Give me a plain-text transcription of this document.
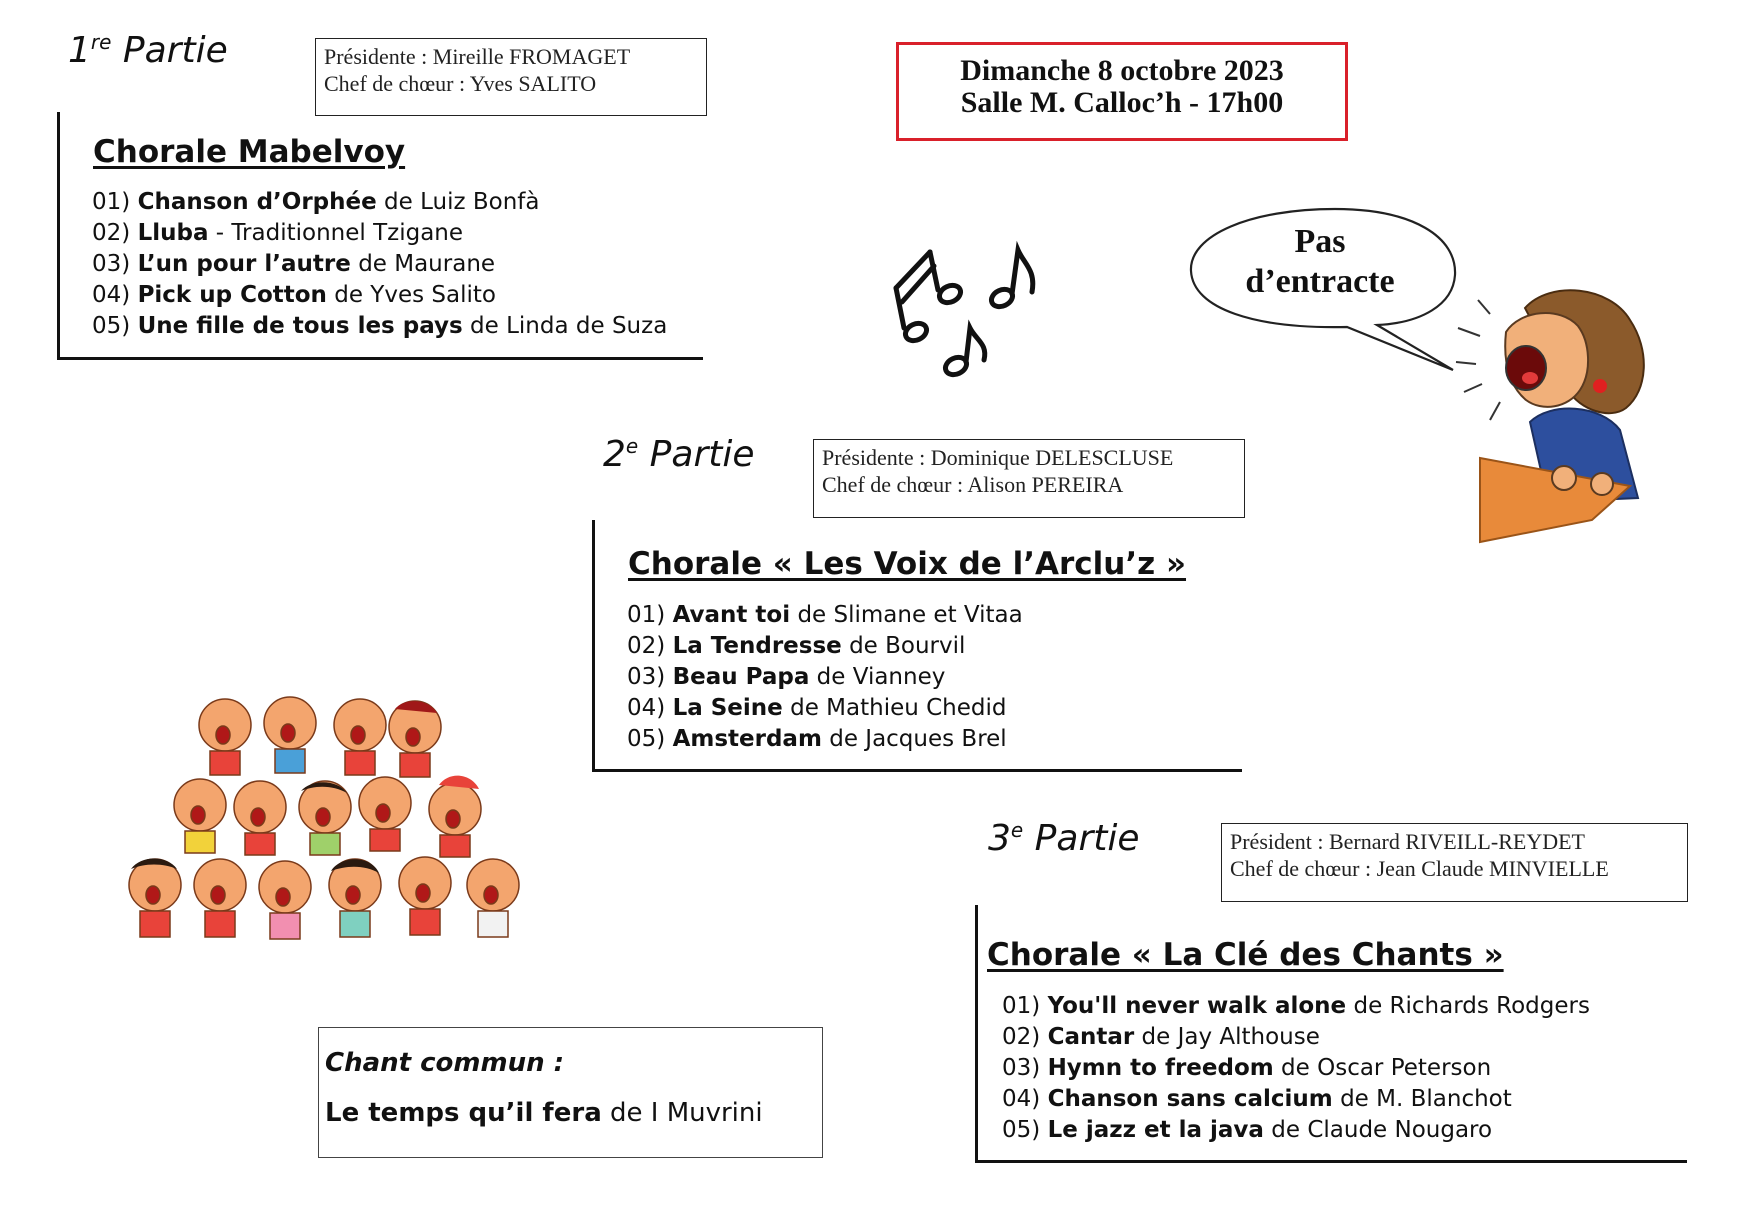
1re Partie	Présidente : Mireille FROMAGET
Chef de chœur : Yves SALITO
Chorale Mabelvoy
01) Chanson d’Orphée de Luiz Bonfà
02) Lluba - Traditionnel Tzigane
03) L’un pour l’autre de Maurane
04) Pick up Cotton de Yves Salito
05) Une fille de tous les pays de Linda de Suza
Dimanche 8 octobre 2023
Salle M. Calloc’h - 17h00
Pas
d’entracte
2e Partie	Présidente : Dominique DELESCLUSE
Chef de chœur : Alison PEREIRA
Chorale « Les Voix de l’Arclu’z »
01) Avant toi de Slimane et Vitaa
02) La Tendresse de Bourvil
03) Beau Papa de Vianney
04) La Seine de Mathieu Chedid
05) Amsterdam de Jacques Brel
3e Partie	Président : Bernard RIVEILL-REYDET
Chef de chœur : Jean Claude MINVIELLE
Chorale « La Clé des Chants »
01) You'll never walk alone de Richards Rodgers
02) Cantar de Jay Althouse
03) Hymn to freedom de Oscar Peterson
04) Chanson sans calcium de M. Blanchot
05) Le jazz et la java de Claude Nougaro
Chant commun :
Le temps qu’il fera de I Muvrini
